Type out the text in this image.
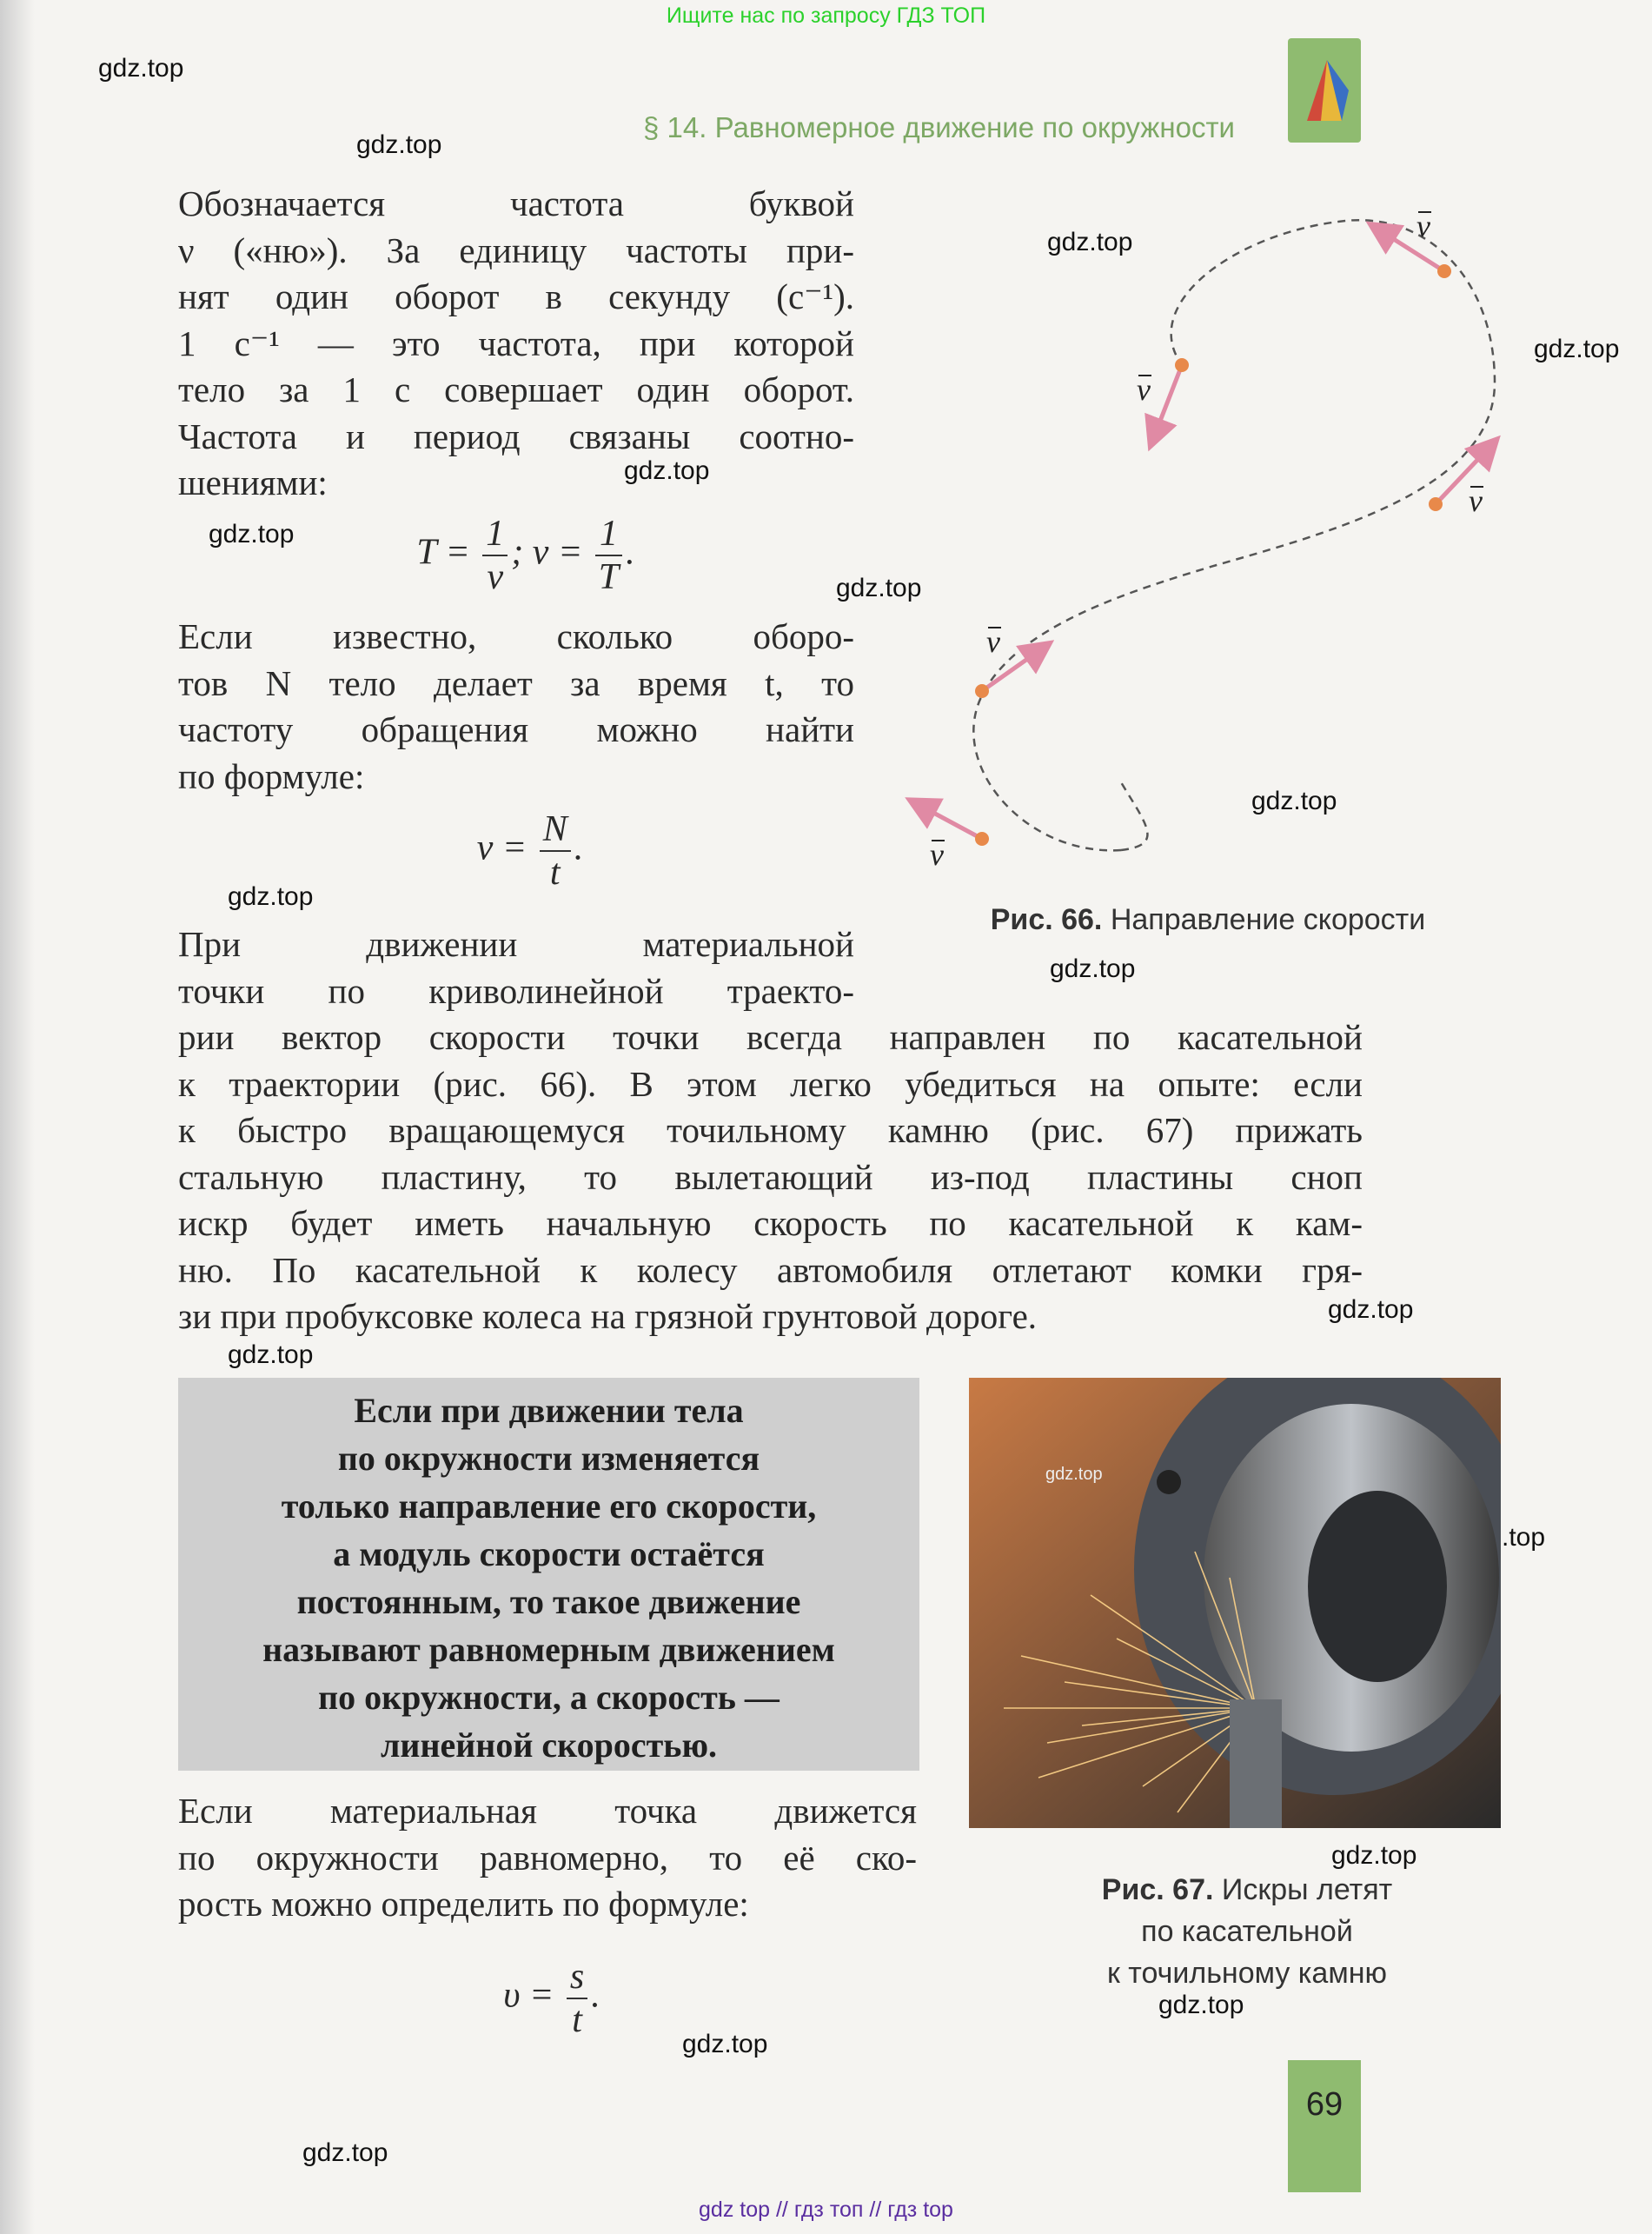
Ищите нас по запросу ГДЗ ТОП
§ 14. Равномерное движение по окружности
gdz.top
gdz.top
gdz.top
gdz.top
gdz.top
gdz.top
gdz.top
gdz.top
gdz.top
gdz.top
gdz.top
gdz.top
.top
gdz.top
gdz.top
gdz.top
gdz.top

Обозначается частота буквой

ν («ню»). За единицу частоты при-

нят один оборот в секунду (с⁻¹).

1 с⁻¹ — это частота, при которой

тело за 1 с совершает один оборот.

Частота и период связаны соотно-

шениями:

$T = \frac{1}{\nu}$ ; $\nu = \frac{1}{T}$ .

Если известно, сколько оборо-

тов N тело делает за время t, то

частоту обращения можно найти

по формуле:

$\nu = \frac{N}{t}$ .
v
v
v
v
v
Рис. 66. Направление скорости

При движении материальной

точки по криволинейной траекто-

рии вектор скорости точки всегда направлен по касательной

к траектории (рис. 66). В этом легко убедиться на опыте: если

к быстро вращающемуся точильному камню (рис. 67) прижать

стальную пластину, то вылетающий из-под пластины сноп

искр будет иметь начальную скорость по касательной к кам-

ню. По касательной к колесу автомобиля отлетают комки гря-

зи при пробуксовке колеса на грязной грунтовой дороге.

Если при движении тела
по окружности изменяется
только направление его скорости,
а модуль скорости остаётся
постоянным, то такое движение
называют равномерным движением
по окружности, а скорость —
линейной скоростью.
gdz.top
Рис. 67. Искры летят
по касательной
к точильному камню

Если материальная точка движется

по окружности равномерно, то её ско-

рость можно определить по формуле:

$\upsilon = \frac{s}{t}$ .
69
gdz top // гдз топ // гдз top
